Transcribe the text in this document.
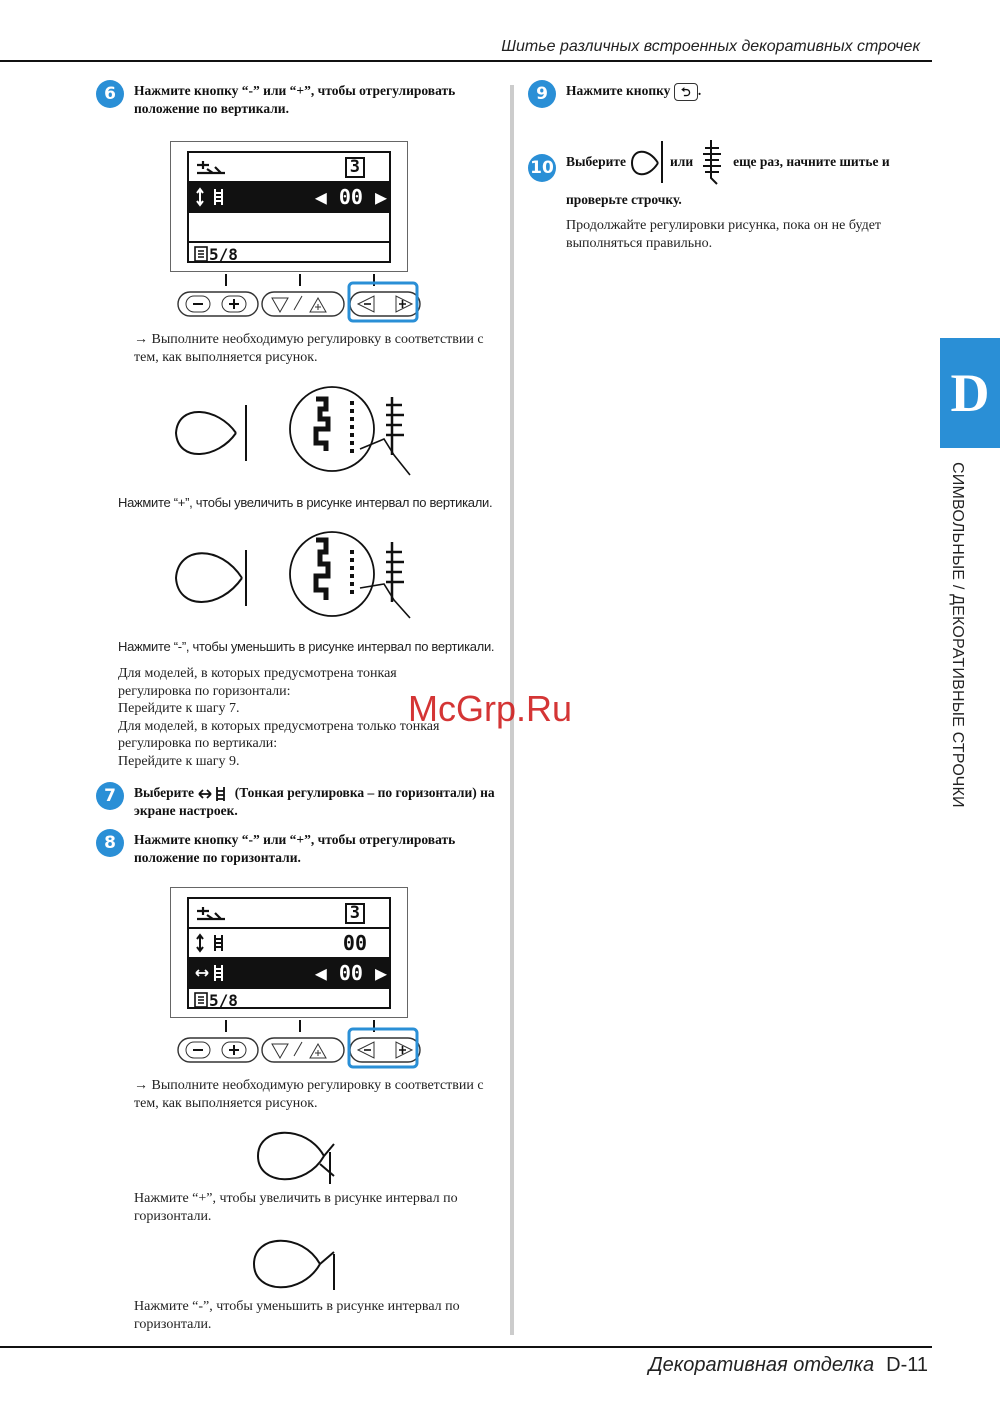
Шитье различных встроенных декоративных строчек
D
СИМВОЛЬНЫЕ / ДЕКОРАТИВНЫЕ СТРОЧКИ
6	Нажмите кнопку “-” или “+”, чтобы отрегулировать положение по вертикали.
3
◀ 00 ▶
5/8
→ Выполните необходимую регулировку в соответствии с тем, как выполняется рисунок.
Нажмите “+”, чтобы увеличить в рисунке интервал по вертикали.
Нажмите “-”, чтобы уменьшить в рисунке интервал по вертикали.
Для моделей, в которых предусмотрена тонкая
регулировка по горизонтали:
Перейдите к шагу 7.
Для моделей, в которых предусмотрена только тонкая
регулировка по вертикали:
Перейдите к шагу 9.
7	Выберите	(Тонкая регулировка – по горизонтали) на экране настроек.
8	Нажмите кнопку “-” или “+”, чтобы отрегулировать положение по горизонтали.
3
00
◀ 00 ▶
5/8
→ Выполните необходимую регулировку в соответствии с тем, как выполняется рисунок.
Нажмите “+”, чтобы увеличить в рисунке интервал по горизонтали.
Нажмите “-”, чтобы уменьшить в рисунке интервал по горизонтали.
9	Нажмите кнопку ⮌ .
10 Выберите	или	еще раз, начните шитье и
проверьте строчку.
Продолжайте регулировки рисунка, пока он не будет выполняться правильно.
McGrp.Ru
Декоративная отделка D-11
